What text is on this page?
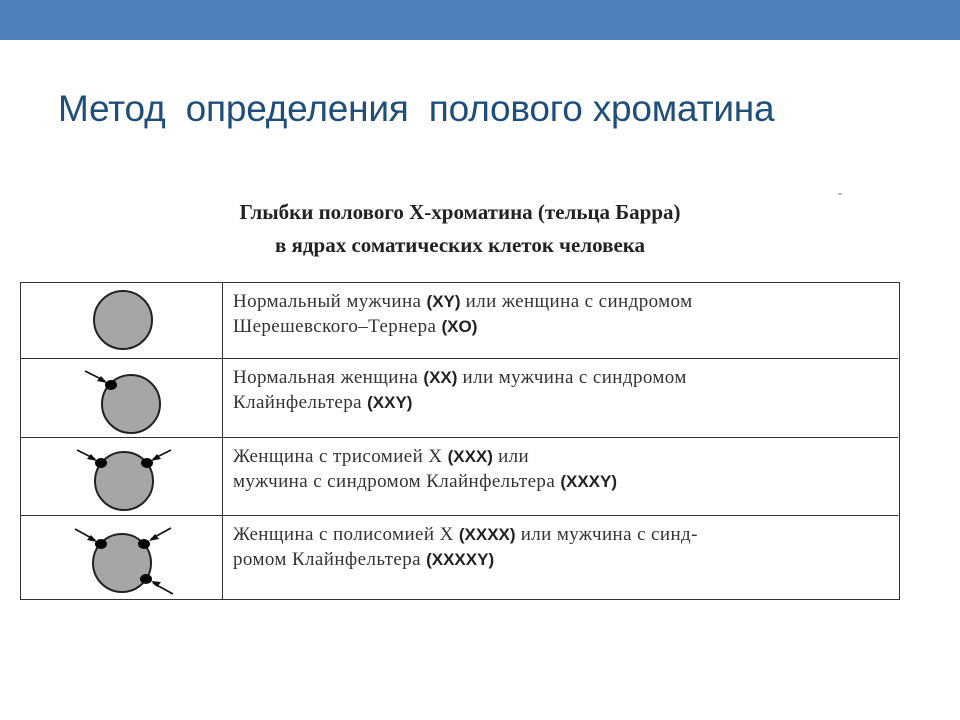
Метод  определения  полового хроматина
Глыбки полового Х-хроматина (тельца Барра)
в ядрах соматических клеток человека
-
Нормальный мужчина (XY) или женщина с синдромом
Шерешевского–Тернера (XO)
Нормальная женщина (XX) или мужчина с синдромом
Клайнфельтера (XXY)
Женщина с трисомией Х (XXX) или
мужчина с синдромом Клайнфельтера (XXXY)
Женщина с полисомией Х (XXXX) или мужчина с синд-
ромом Клайнфельтера (XXXXY)
